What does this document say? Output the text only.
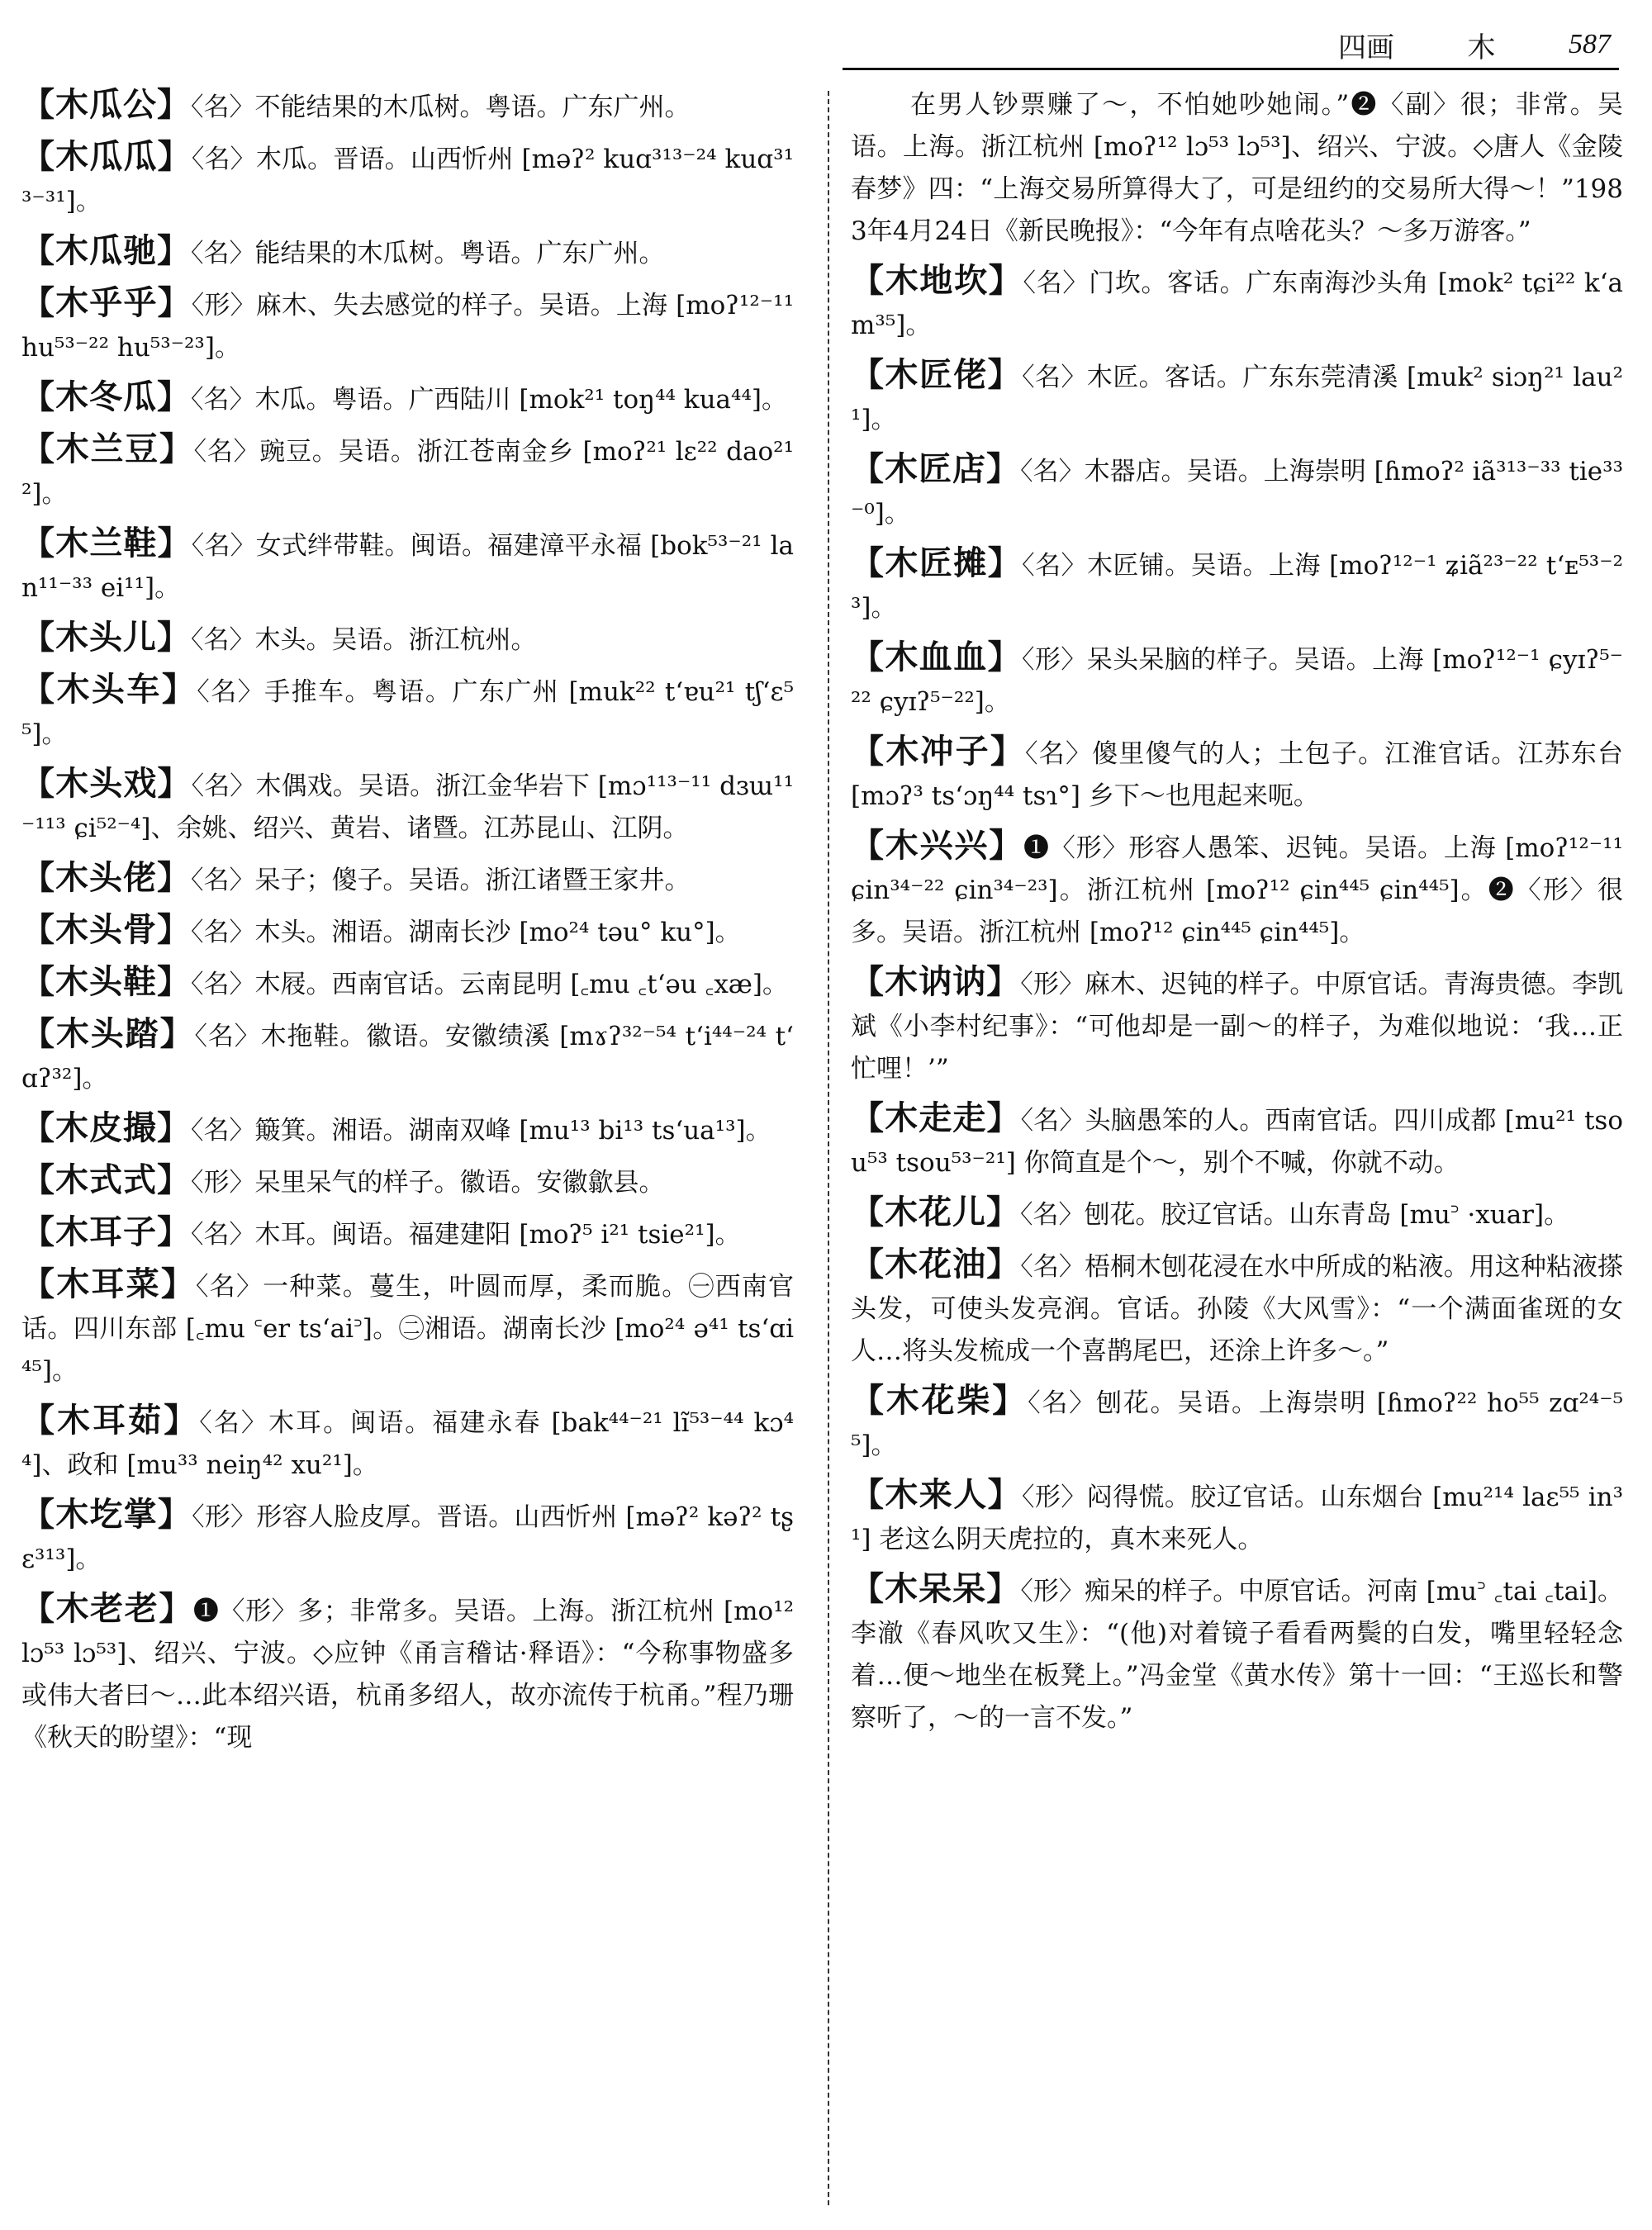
四画	木	587
【木瓜公】〈名〉不能结果的木瓜树。粤语。广东广州。
【木瓜瓜】〈名〉木瓜。晋语。山西忻州 [məʔ² kuɑ³¹³⁻²⁴ kuɑ³¹³⁻³¹]。
【木瓜驰】〈名〉能结果的木瓜树。粤语。广东广州。
【木乎乎】〈形〉麻木、失去感觉的样子。吴语。上海 [moʔ¹²⁻¹¹ hu⁵³⁻²² hu⁵³⁻²³]。
【木冬瓜】〈名〉木瓜。粤语。广西陆川 [mok²¹ toŋ⁴⁴ kua⁴⁴]。
【木兰豆】〈名〉豌豆。吴语。浙江苍南金乡 [moʔ²¹ lɛ²² dao²¹²]。
【木兰鞋】〈名〉女式绊带鞋。闽语。福建漳平永福 [bok⁵³⁻²¹ lan¹¹⁻³³ ei¹¹]。
【木头儿】〈名〉木头。吴语。浙江杭州。
【木头车】〈名〉手推车。粤语。广东广州 [muk²² tʻɐu²¹ tʃʻɛ⁵⁵]。
【木头戏】〈名〉木偶戏。吴语。浙江金华岩下 [mɔ¹¹³⁻¹¹ dɜɯ¹¹⁻¹¹³ ɕi⁵²⁻⁴]、余姚、绍兴、黄岩、诸暨。江苏昆山、江阴。
【木头佬】〈名〉呆子；傻子。吴语。浙江诸暨王家井。
【木头骨】〈名〉木头。湘语。湖南长沙 [mo²⁴ təu° ku°]。
【木头鞋】〈名〉木屐。西南官话。云南昆明 [꜀mu ꜀tʻəu ꜀xæ]。
【木头踏】〈名〉木拖鞋。徽语。安徽绩溪 [mɤʔ³²⁻⁵⁴ tʻi⁴⁴⁻²⁴ tʻɑʔ³²]。
【木皮撮】〈名〉簸箕。湘语。湖南双峰 [mu¹³ bi¹³ tsʻua¹³]。
【木式式】〈形〉呆里呆气的样子。徽语。安徽歙县。
【木耳子】〈名〉木耳。闽语。福建建阳 [moʔ⁵ i²¹ tsie²¹]。
【木耳菜】〈名〉一种菜。蔓生，叶圆而厚，柔而脆。㊀西南官话。四川东部 [꜀mu ꜂er tsʻai꜄]。㊁湘语。湖南长沙 [mo²⁴ ə⁴¹ tsʻɑi⁴⁵]。
【木耳茹】〈名〉木耳。闽语。福建永春 [bak⁴⁴⁻²¹ lĩ⁵³⁻⁴⁴ kɔ⁴⁴]、政和 [mu³³ neiŋ⁴² xu²¹]。
【木圪掌】〈形〉形容人脸皮厚。晋语。山西忻州 [məʔ² kəʔ² tʂɛ³¹³]。
【木老老】❶〈形〉多；非常多。吴语。上海。浙江杭州 [mo¹² lɔ⁵³ lɔ⁵³]、绍兴、宁波。◇应钟《甬言稽诂·释语》：“今称事物盛多或伟大者曰～…此本绍兴语，杭甬多绍人，故亦流传于杭甬。”程乃珊《秋天的盼望》：“现
在男人钞票赚了～，不怕她吵她闹。”❷〈副〉很；非常。吴语。上海。浙江杭州 [moʔ¹² lɔ⁵³ lɔ⁵³]、绍兴、宁波。◇唐人《金陵春梦》四：“上海交易所算得大了，可是纽约的交易所大得～！”1983年4月24日《新民晚报》：“今年有点啥花头？～多万游客。”
【木地坎】〈名〉门坎。客话。广东南海沙头角 [mok² tɕi²² kʻam³⁵]。
【木匠佬】〈名〉木匠。客话。广东东莞清溪 [muk² siɔŋ²¹ lau²¹]。
【木匠店】〈名〉木器店。吴语。上海崇明 [ɦmoʔ² iã³¹³⁻³³ tie³³⁻⁰]。
【木匠摊】〈名〉木匠铺。吴语。上海 [moʔ¹²⁻¹ ʑiã²³⁻²² tʻᴇ⁵³⁻²³]。
【木血血】〈形〉呆头呆脑的样子。吴语。上海 [moʔ¹²⁻¹ ɕyɪʔ⁵⁻²² ɕyɪʔ⁵⁻²²]。
【木冲子】〈名〉傻里傻气的人；土包子。江淮官话。江苏东台 [mɔʔ³ tsʻɔŋ⁴⁴ tsɿ°] 乡下～也甩起来呃。
【木兴兴】❶〈形〉形容人愚笨、迟钝。吴语。上海 [moʔ¹²⁻¹¹ ɕin³⁴⁻²² ɕin³⁴⁻²³]。浙江杭州 [moʔ¹² ɕin⁴⁴⁵ ɕin⁴⁴⁵]。❷〈形〉很多。吴语。浙江杭州 [moʔ¹² ɕin⁴⁴⁵ ɕin⁴⁴⁵]。
【木讷讷】〈形〉麻木、迟钝的样子。中原官话。青海贵德。李凯斌《小李村纪事》：“可他却是一副～的样子，为难似地说：‘我…正忙哩！’”
【木走走】〈名〉头脑愚笨的人。西南官话。四川成都 [mu²¹ tsou⁵³ tsou⁵³⁻²¹] 你简直是个～，别个不喊，你就不动。
【木花儿】〈名〉刨花。胶辽官话。山东青岛 [mu꜄ ·xuar]。
【木花油】〈名〉梧桐木刨花浸在水中所成的粘液。用这种粘液搽头发，可使头发亮润。官话。孙陵《大风雪》：“一个满面雀斑的女人…将头发梳成一个喜鹊尾巴，还涂上许多～。”
【木花柴】〈名〉刨花。吴语。上海崇明 [ɦmoʔ²² ho⁵⁵ zɑ²⁴⁻⁵⁵]。
【木来人】〈形〉闷得慌。胶辽官话。山东烟台 [mu²¹⁴ laɛ⁵⁵ in³¹] 老这么阴天虎拉的，真木来死人。
【木呆呆】〈形〉痴呆的样子。中原官话。河南 [mu꜄ ꜀tai ꜀tai]。李澈《春风吹又生》：“(他)对着镜子看看两鬓的白发，嘴里轻轻念着…便～地坐在板凳上。”冯金堂《黄水传》第十一回：“王巡长和警察听了，～的一言不发。”
